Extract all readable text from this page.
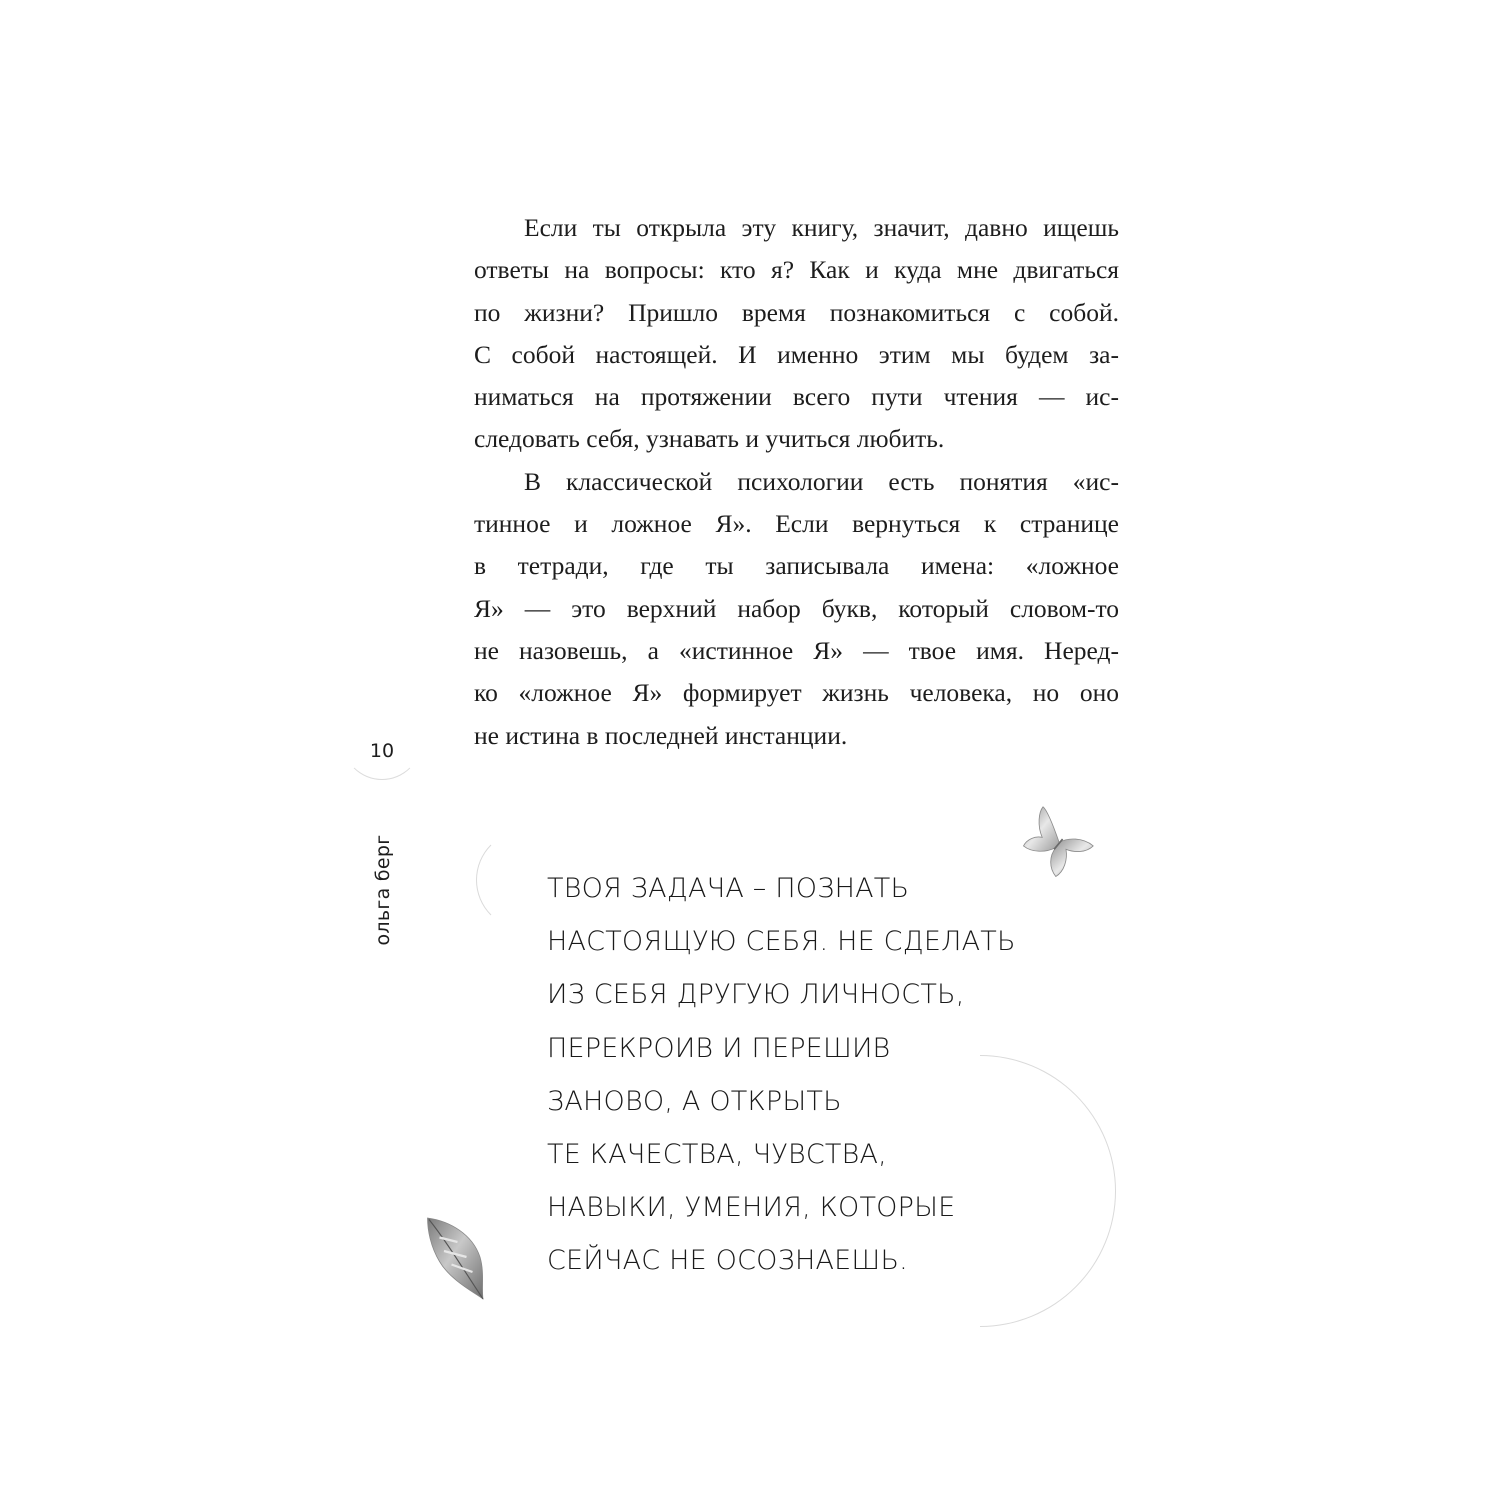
10
ольга берг
Если ты открыла эту книгу, значит, давно ищешь
ответы на вопросы: кто я? Как и куда мне двигаться
по жизни? Пришло время познакомиться с собой.
С собой настоящей. И именно этим мы будем за-
ниматься на протяжении всего пути чтения — ис-
следовать себя, узнавать и учиться любить.
В классической психологии есть понятия «ис-
тинное и ложное Я». Если вернуться к странице
в тетради, где ты записывала имена: «ложное
Я» — это верхний набор букв, который словом-то
не назовешь, а «истинное Я» — твое имя. Неред-
ко «ложное Я» формирует жизнь человека, но оно
не истина в последней инстанции.
ТВОЯ ЗАДАЧА – ПОЗНАТЬ
НАСТОЯЩУЮ СЕБЯ. НЕ СДЕЛАТЬ
ИЗ СЕБЯ ДРУГУЮ ЛИЧНОСТЬ,
ПЕРЕКРОИВ И ПЕРЕШИВ
ЗАНОВО, А ОТКРЫТЬ
ТЕ КАЧЕСТВА, ЧУВСТВА,
НАВЫКИ, УМЕНИЯ, КОТОРЫЕ
СЕЙЧАС НЕ ОСОЗНАЕШЬ.
